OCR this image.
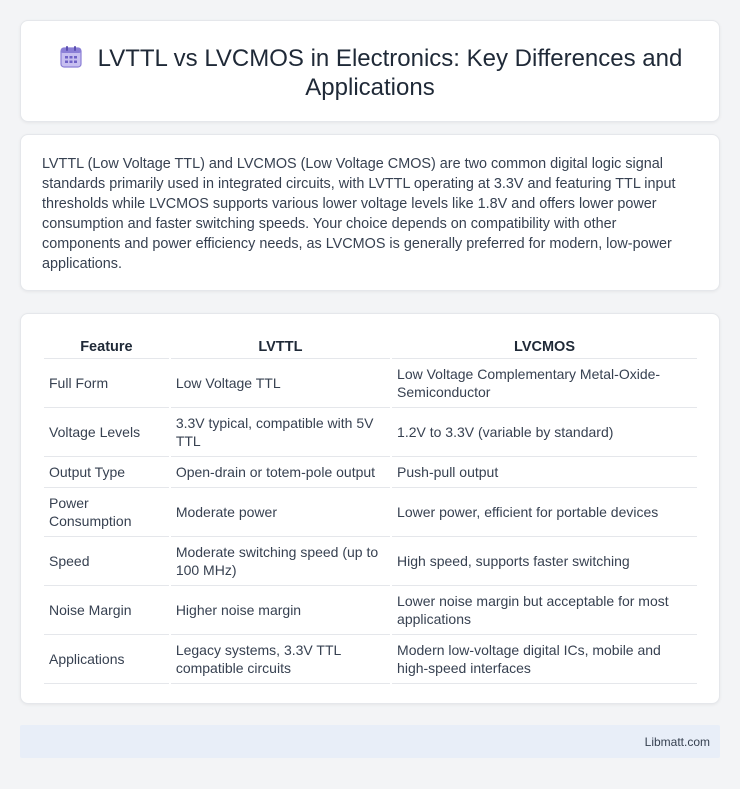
LVTTL vs LVCMOS in Electronics: Key Differences and Applications

LVTTL (Low Voltage TTL) and LVCMOS (Low Voltage CMOS) are two common digital logic signal standards primarily used in integrated circuits, with LVTTL operating at 3.3V and featuring TTL input thresholds while LVCMOS supports various lower voltage levels like 1.8V and offers lower power consumption and faster switching speeds. Your choice depends on compatibility with other components and power efficiency needs, as LVCMOS is generally preferred for modern, low-power applications.

Feature	LVTTL	LVCMOS
Full Form	Low Voltage TTL	Low Voltage Complementary Metal-Oxide-Semiconductor
Voltage Levels	3.3V typical, compatible with 5V TTL	1.2V to 3.3V (variable by standard)
Output Type	Open-drain or totem-pole output	Push-pull output
Power Consumption	Moderate power	Lower power, efficient for portable devices
Speed	Moderate switching speed (up to 100 MHz)	High speed, supports faster switching
Noise Margin	Higher noise margin	Lower noise margin but acceptable for most applications
Applications	Legacy systems, 3.3V TTL compatible circuits	Modern low-voltage digital ICs, mobile and high-speed interfaces
Libmatt.com
